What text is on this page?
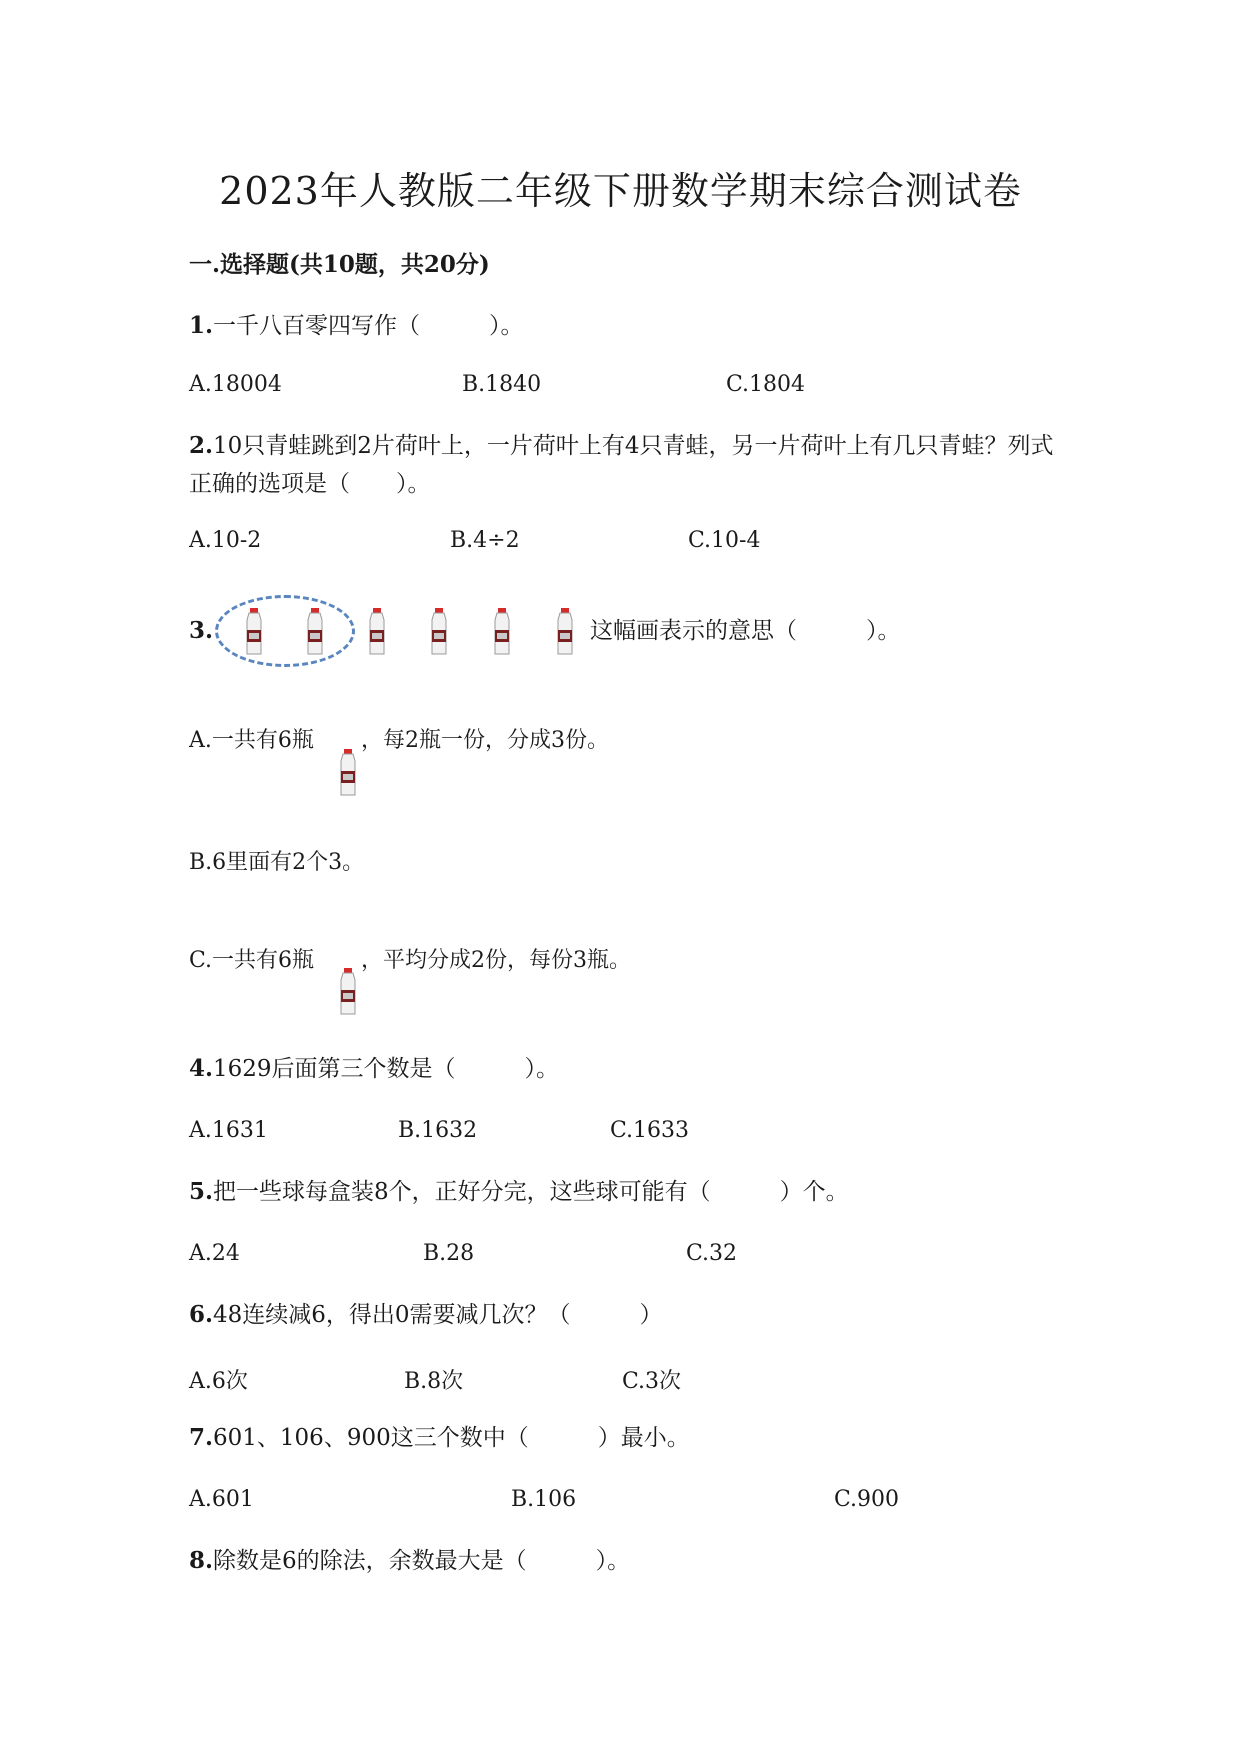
2023年人教版二年级下册数学期末综合测试卷
一.选择题(共10题，共20分)
1.一千八百零四写作（　　　）。
A.18004	B.1840	C.1804
2.10只青蛙跳到2片荷叶上，一片荷叶上有4只青蛙，另一片荷叶上有几只青蛙？列式正确的选项是（　　）。
A.10-2	B.4÷2	C.10-4
3.	这幅画表示的意思（　　　）。
A.一共有6瓶 ，每2瓶一份，分成3份。
B.6里面有2个3。
C.一共有6瓶 ，平均分成2份，每份3瓶。
4.1629后面第三个数是（　　　）。
A.1631	B.1632	C.1633
5.把一些球每盒装8个，正好分完，这些球可能有（　　　）个。
A.24	B.28	C.32
6.48连续减6，得出0需要减几次？（　　　）
A.6次	B.8次	C.3次
7.601、106、900这三个数中（　　　）最小。
A.601	B.106	C.900
8.除数是6的除法，余数最大是（　　　）。
